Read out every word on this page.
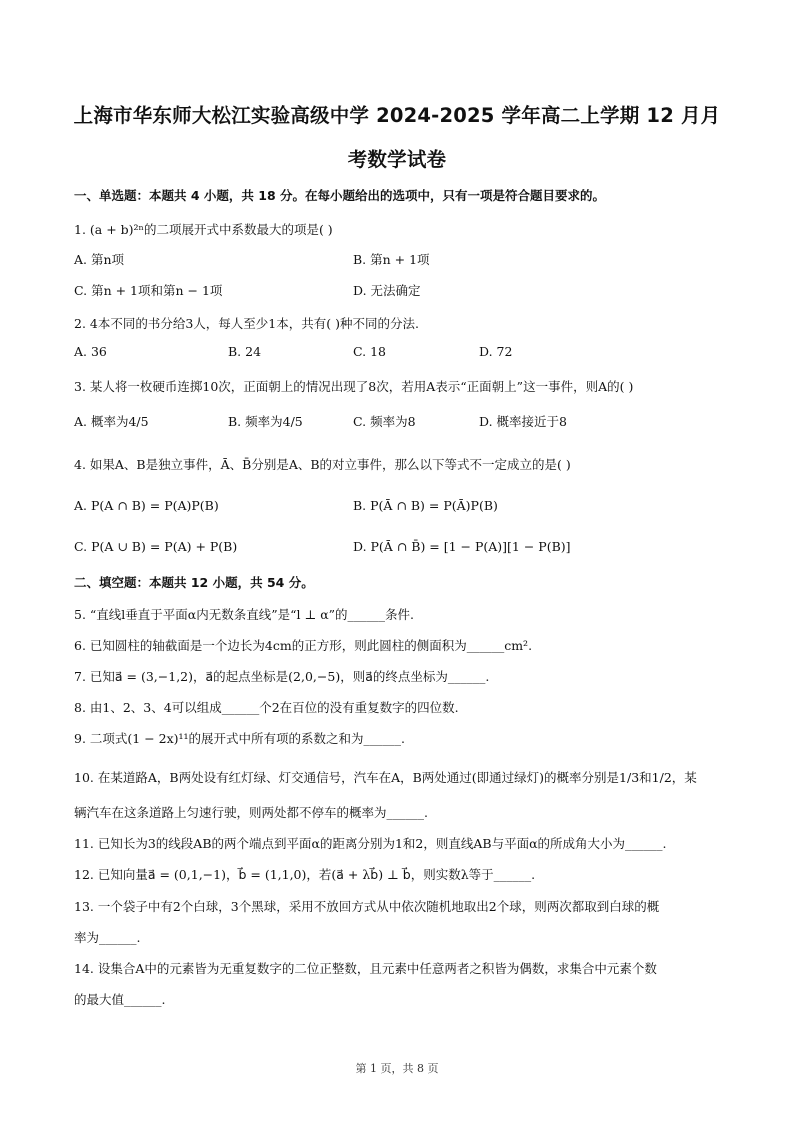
上海市华东师大松江实验高级中学 2024-2025 学年高二上学期 12 月月
考数学试卷
一、单选题：本题共 4 小题，共 18 分。在每小题给出的选项中，只有一项是符合题目要求的。
1. (a + b)²ⁿ的二项展开式中系数最大的项是( )
A. 第n项	B. 第n + 1项
C. 第n + 1项和第n − 1项	D. 无法确定
2. 4本不同的书分给3人，每人至少1本，共有( )种不同的分法.
A. 36	B. 24	C. 18	D. 72
3. 某人将一枚硬币连掷10次，正面朝上的情况出现了8次，若用A表示“正面朝上”这一事件，则A的( )
A. 概率为4/5	B. 频率为4/5	C. 频率为8	D. 概率接近于8
4. 如果A、B是独立事件，Ā、B̄分别是A、B的对立事件，那么以下等式不一定成立的是( )
A. P(A ∩ B) = P(A)P(B)	B. P(Ā ∩ B) = P(Ā)P(B)
C. P(A ∪ B) = P(A) + P(B)	D. P(Ā ∩ B̄) = [1 − P(A)][1 − P(B)]
二、填空题：本题共 12 小题，共 54 分。
5. “直线l垂直于平面α内无数条直线”是“l ⊥ α”的______条件.
6. 已知圆柱的轴截面是一个边长为4cm的正方形，则此圆柱的侧面积为______cm².
7. 已知a⃗ = (3,−1,2)，a⃗的起点坐标是(2,0,−5)，则a⃗的终点坐标为______.
8. 由1、2、3、4可以组成______个2在百位的没有重复数字的四位数.
9. 二项式(1 − 2x)¹¹的展开式中所有项的系数之和为______.
10. 在某道路A，B两处设有红灯绿、灯交通信号，汽车在A，B两处通过(即通过绿灯)的概率分别是1/3和1/2，某
辆汽车在这条道路上匀速行驶，则两处都不停车的概率为______.
11. 已知长为3的线段AB的两个端点到平面α的距离分别为1和2，则直线AB与平面α的所成角大小为______.
12. 已知向量a⃗ = (0,1,−1)，b⃗ = (1,1,0)，若(a⃗ + λb⃗) ⊥ b⃗，则实数λ等于______.
13. 一个袋子中有2个白球，3个黑球，采用不放回方式从中依次随机地取出2个球，则两次都取到白球的概
率为______.
14. 设集合A中的元素皆为无重复数字的二位正整数，且元素中任意两者之积皆为偶数，求集合中元素个数
的最大值______.
第 1 页，共 8 页
